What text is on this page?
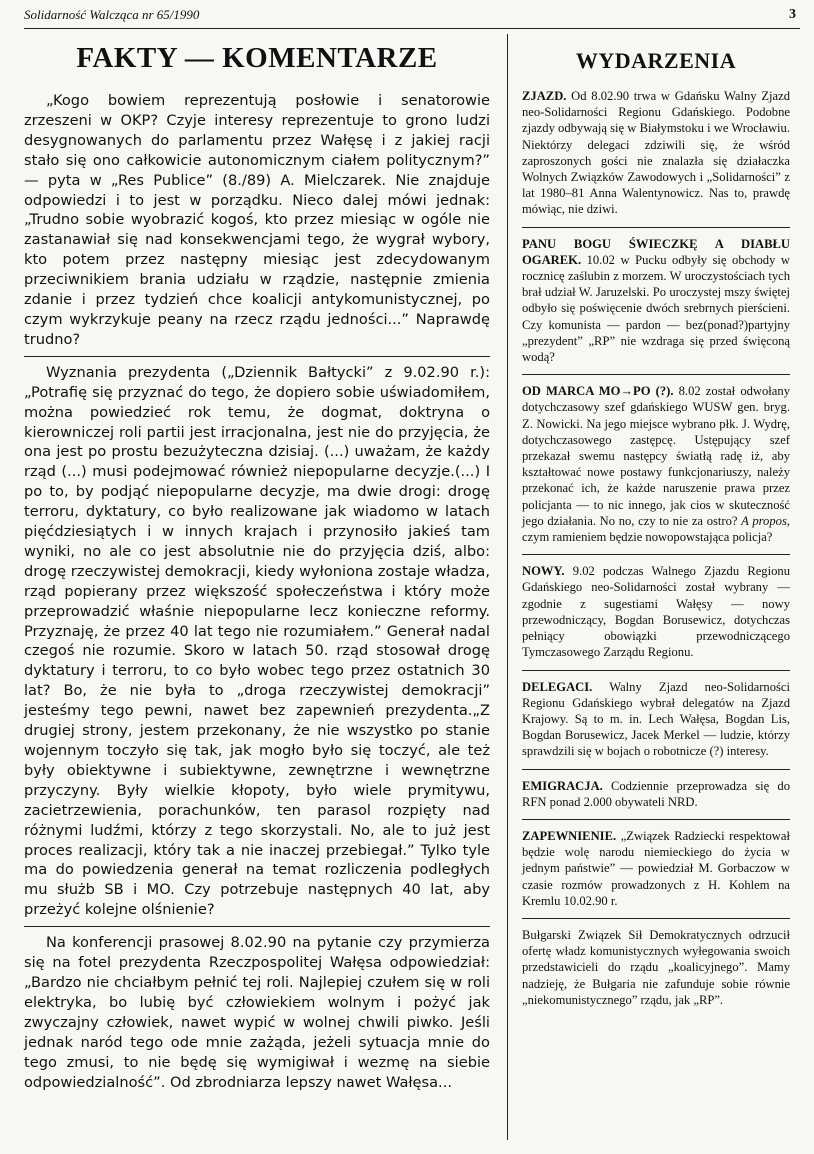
Solidarność Walcząca nr 65/1990	3
FAKTY — KOMENTARZE

„Kogo bowiem reprezentują posłowie i senatorowie zrzeszeni w OKP? Czyje interesy reprezentuje to grono ludzi desygnowanych do parlamentu przez Wałęsę i z jakiej racji stało się ono całkowicie autonomicznym ciałem politycznym?” — pyta w „Res Publice” (8./89) A. Mielczarek. Nie znajduje odpowiedzi i to jest w porządku. Nieco dalej mówi jednak: „Trudno sobie wyobrazić kogoś, kto przez miesiąc w ogóle nie zastanawiał się nad konsekwencjami tego, że wygrał wybory, kto potem przez następny miesiąc jest zdecydowanym przeciwnikiem brania udziału w rządzie, następnie zmienia zdanie i przez tydzień chce koalicji antykomunistycznej, po czym wykrzykuje peany na rzecz rządu jedności...” Naprawdę trudno?

Wyznania prezydenta („Dziennik Bałtycki” z 9.02.90 r.): „Potrafię się przyznać do tego, że dopiero sobie uświadomiłem, można powiedzieć rok temu, że dogmat, doktryna o kierowniczej roli partii jest irracjonalna, jest nie do przyjęcia, że ona jest po prostu bezużyteczna dzisiaj. (...) uważam, że każdy rząd (...) musi podejmować również niepopularne decyzje.(...) I po to, by podjąć niepopularne decyzje, ma dwie drogi: drogę terroru, dyktatury, co było realizowane jak wiadomo w latach pięćdziesiątych i w innych krajach i przynosiło jakieś tam wyniki, no ale co jest absolutnie nie do przyjęcia dziś, albo: drogę rzeczywistej demokracji, kiedy wyłoniona zostaje władza, rząd popierany przez większość społeczeństwa i który może przeprowadzić właśnie niepopularne lecz konieczne reformy. Przyznaję, że przez 40 lat tego nie rozumiałem.” Generał nadal czegoś nie rozumie. Skoro w latach 50. rząd stosował drogę dyktatury i terroru, to co było wobec tego przez ostatnich 30 lat? Bo, że nie była to „droga rzeczywistej demokracji” jesteśmy tego pewni, nawet bez zapewnień prezydenta.„Z drugiej strony, jestem przekonany, że nie wszystko po stanie wojennym toczyło się tak, jak mogło było się toczyć, ale też były obiektywne i subiektywne, zewnętrzne i wewnętrzne przyczyny. Były wielkie kłopoty, było wiele prymitywu, zacietrzewienia, porachunków, ten parasol rozpięty nad różnymi ludźmi, którzy z tego skorzystali. No, ale to już jest proces realizacji, który tak a nie inaczej przebiegał.” Tylko tyle ma do powiedzenia generał na temat rozliczenia podległych mu służb SB i MO. Czy potrzebuje następnych 40 lat, aby przeżyć kolejne olśnienie?

Na konferencji prasowej 8.02.90 na pytanie czy przymierza się na fotel prezydenta Rzeczpospolitej Wałęsa odpowiedział: „Bardzo nie chciałbym pełnić tej roli. Najlepiej czułem się w roli elektryka, bo lubię być człowiekiem wolnym i pożyć jak zwyczajny człowiek, nawet wypić w wolnej chwili piwko. Jeśli jednak naród tego ode mnie zażąda, jeżeli sytuacja mnie do tego zmusi, to nie będę się wymigiwał i wezmę na siebie odpowiedzialność”. Od zbrodniarza lepszy nawet Wałęsa...

WYDARZENIA

ZJAZD. Od 8.02.90 trwa w Gdańsku Walny Zjazd neo-Solidarności Regionu Gdańskiego. Podobne zjazdy odbywają się w Białymstoku i we Wrocławiu. Niektórzy delegaci zdziwili się, że wśród zaproszonych gości nie znalazła się działaczka Wolnych Związków Zawodowych i „Solidarności” z lat 1980–81 Anna Walentynowicz. Nas to, prawdę mówiąc, nie dziwi.

PANU BOGU ŚWIECZKĘ A DIABŁU OGAREK. 10.02 w Pucku odbyły się obchody w rocznicę zaślubin z morzem. W uroczystościach tych brał udział W. Jaruzelski. Po uroczystej mszy świętej odbyło się poświęcenie dwóch srebrnych pierścieni. Czy komunista — pardon — bez(ponad?)partyjny „prezydent” „RP” nie wzdraga się przed święconą wodą?

OD MARCA MO→PO (?). 8.02 został odwołany dotychczasowy szef gdańskiego WUSW gen. bryg. Z. Nowicki. Na jego miejsce wybrano płk. J. Wydrę, dotychczasowego zastępcę. Ustępujący szef przekazał swemu następcy światłą radę iż, aby kształtować nowe postawy funkcjonariuszy, należy przekonać ich, że każde naruszenie prawa przez policjanta — to nic innego, jak cios w skuteczność jego działania. No no, czy to nie za ostro? A propos, czym ramieniem będzie nowopowstająca policja?

NOWY. 9.02 podczas Walnego Zjazdu Regionu Gdańskiego neo-Solidarności został wybrany — zgodnie z sugestiami Wałęsy — nowy przewodniczący, Bogdan Borusewicz, dotychczas pełniący obowiązki przewodniczącego Tymczasowego Zarządu Regionu.

DELEGACI. Walny Zjazd neo-Solidarności Regionu Gdańskiego wybrał delegatów na Zjazd Krajowy. Są to m. in. Lech Wałęsa, Bogdan Lis, Bogdan Borusewicz, Jacek Merkel — ludzie, którzy sprawdzili się w bojach o robotnicze (?) interesy.

EMIGRACJA. Codziennie przeprowadza się do RFN ponad 2.000 obywateli NRD.

ZAPEWNIENIE. „Związek Radziecki respektował będzie wolę narodu niemieckiego do życia w jednym państwie” — powiedział M. Gorbaczow w czasie rozmów prowadzonych z H. Kohlem na Kremlu 10.02.90 r.

Bułgarski Związek Sił Demokratycznych odrzucił ofertę władz komunistycznych wyłegowania swoich przedstawicieli do rządu „koalicyjnego”. Mamy nadzieję, że Bułgaria nie zafunduje sobie równie „niekomunistycznego” rządu, jak „RP”.
